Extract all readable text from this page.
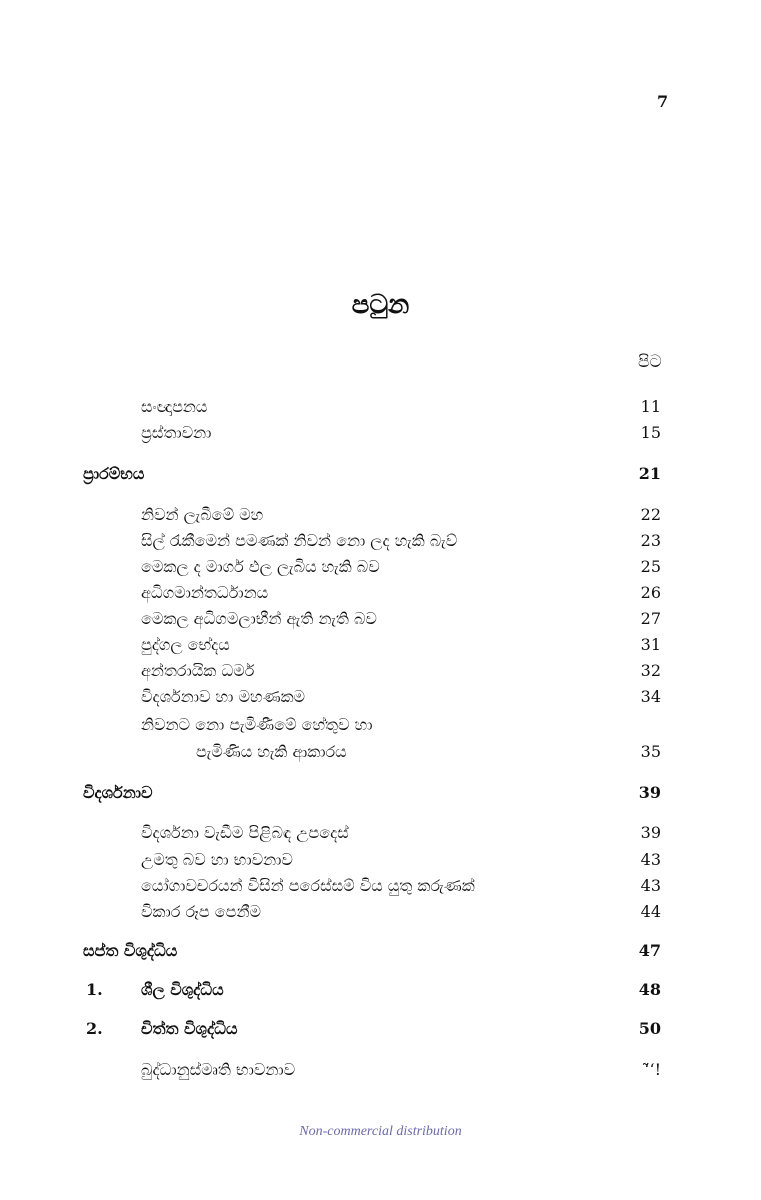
7
පටුන
පිට
සංඥාපනය	11
ප්‍රස්තාවනා	15
ප්‍රාරම්භය	21
නිවන් ලැබීමේ මහ	22
සිල් රැකීමෙන් පමණක් නිවන් නො ලද හැකි බැව්	23
මෙකල ද මාර්ග ඵල ලැබිය හැකි බව	25
අධිගමාන්තර්ධානය	26
මෙකල අධිගමලාභීන් ඇති නැති බව	27
පුද්ගල භේදය	31
අන්තරායික ධර්ම	32
විදර්ශනාව හා මහණකම	34
නිවනට නො පැමිණීමේ හේතුව හා
පැමිණිය හැකි ආකාරය	35
විදර්ශනාව	39
විදර්ශනා වැඩීම පිළිබඳ උපදෙස්	39
උමතු බව හා භාවනාව	43
යෝගාවචරයන් විසින් පරෙස්සම් විය යුතු කරුණක්	43
විකාර රූප පෙනීම	44
සප්ත විශුද්ධිය	47
1. ශීල විශුද්ධිය	48
2. චිත්ත විශුද්ධිය	50
බුද්ධානුස්මෘති භාවනාව	ʻ̃ʻ!
Non-commercial distribution
